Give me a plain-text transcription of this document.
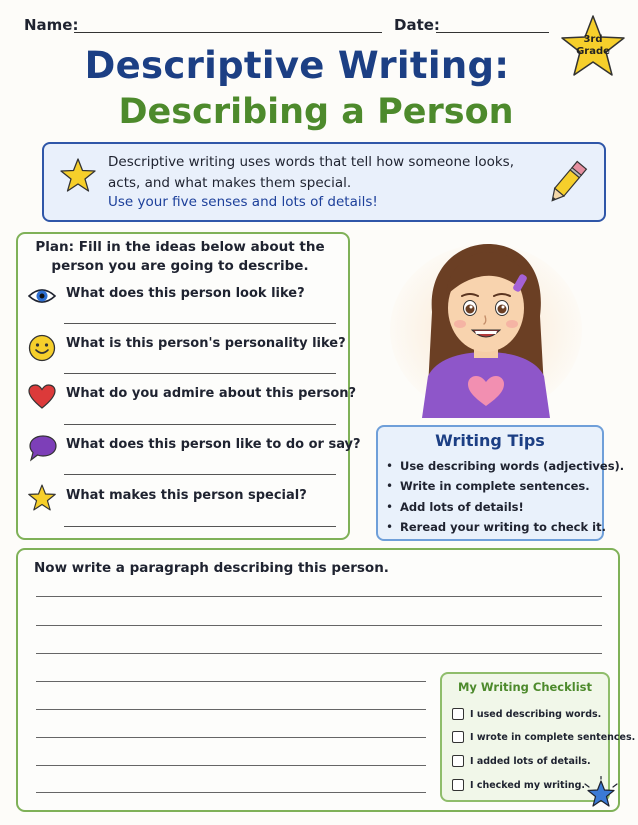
Name:	Date:
3rd
Grade
Descriptive Writing:
Describing a Person
Descriptive writing uses words that tell how someone looks, acts, and what makes them special.
Use your five senses and lots of details!
Plan: Fill in the ideas below about the person you are going to describe.
What does this person look like?
What is this person's personality like?
What do you admire about this person?
What does this person like to do or say?
What makes this person special?
Writing Tips
• Use describing words (adjectives).
• Write in complete sentences.
• Add lots of details!
• Reread your writing to check it.
Now write a paragraph describing this person.
My Writing Checklist
I used describing words.
I wrote in complete sentences.
I added lots of details.
I checked my writing.
